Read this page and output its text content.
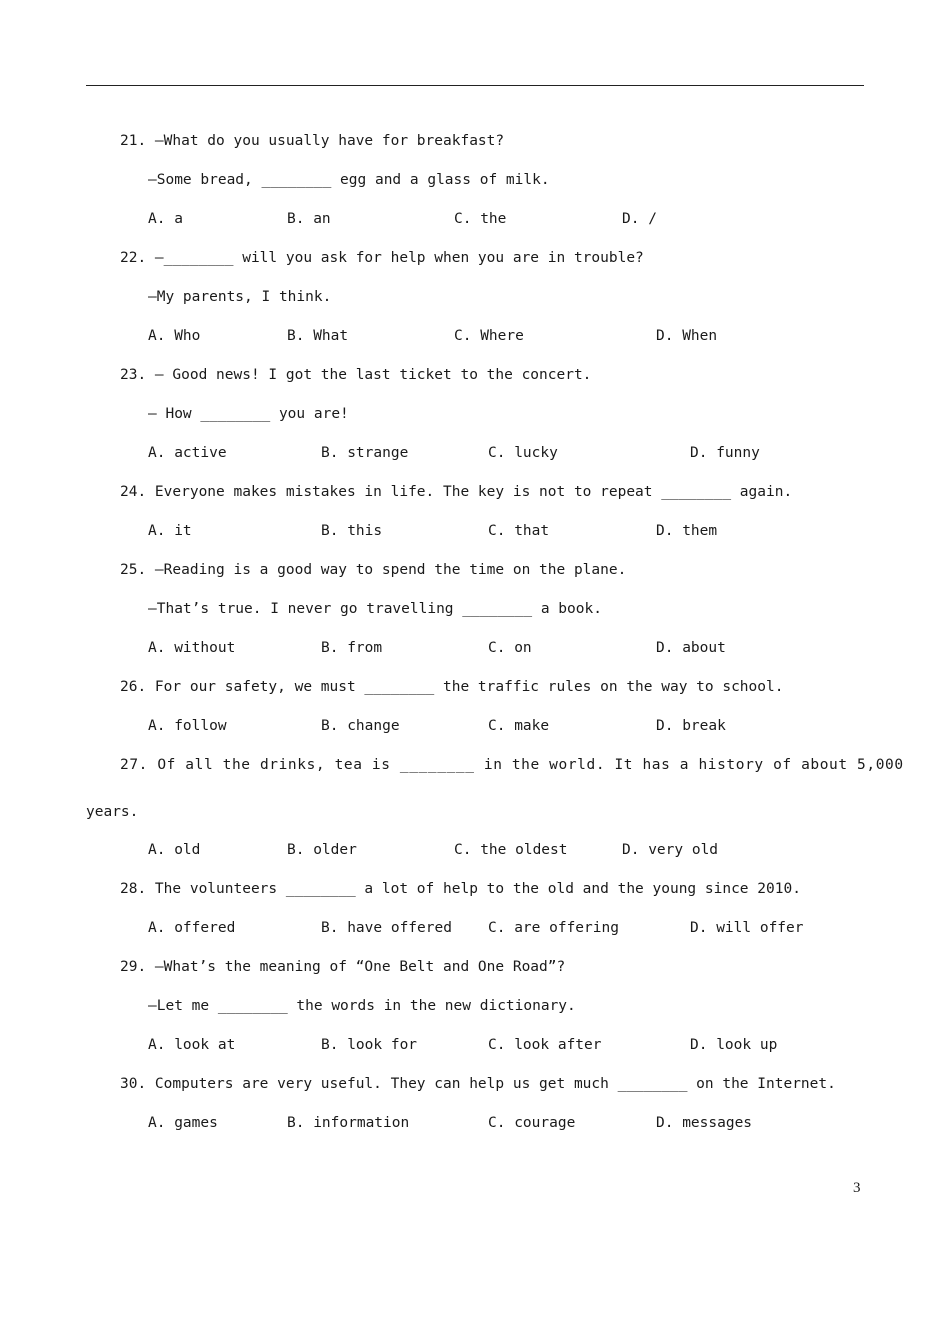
21. —What do you usually have for breakfast?
—Some bread, ________ egg and a glass of milk.
A. a	B. an	C. the	D. /
22. —________ will you ask for help when you are in trouble?
—My parents, I think.
A. Who	B. What	C. Where	D. When
23. — Good news! I got the last ticket to the concert.
— How ________ you are!
A. active	B. strange	C. lucky	D. funny
24. Everyone makes mistakes in life. The key is not to repeat ________ again.
A. it	B. this	C. that	D. them
25. —Reading is a good way to spend the time on the plane.
—That’s true. I never go travelling ________ a book.
A. without	B. from	C. on	D. about
26. For our safety, we must ________ the traffic rules on the way to school.
A. follow	B. change	C. make	D. break
27. Of all the drinks, tea is ________ in the world. It has a history of about 5,000
years.
A. old	B. older	C. the oldest	D. very old
28. The volunteers ________ a lot of help to the old and the young since 2010.
A. offered	B. have offered C. are offering	D. will offer
29. —What’s the meaning of “One Belt and One Road”?
—Let me ________ the words in the new dictionary.
A. look at	B. look for	C. look after	D. look up
30. Computers are very useful. They can help us get much ________ on the Internet.
A. games	B. information	C. courage	D. messages
3
